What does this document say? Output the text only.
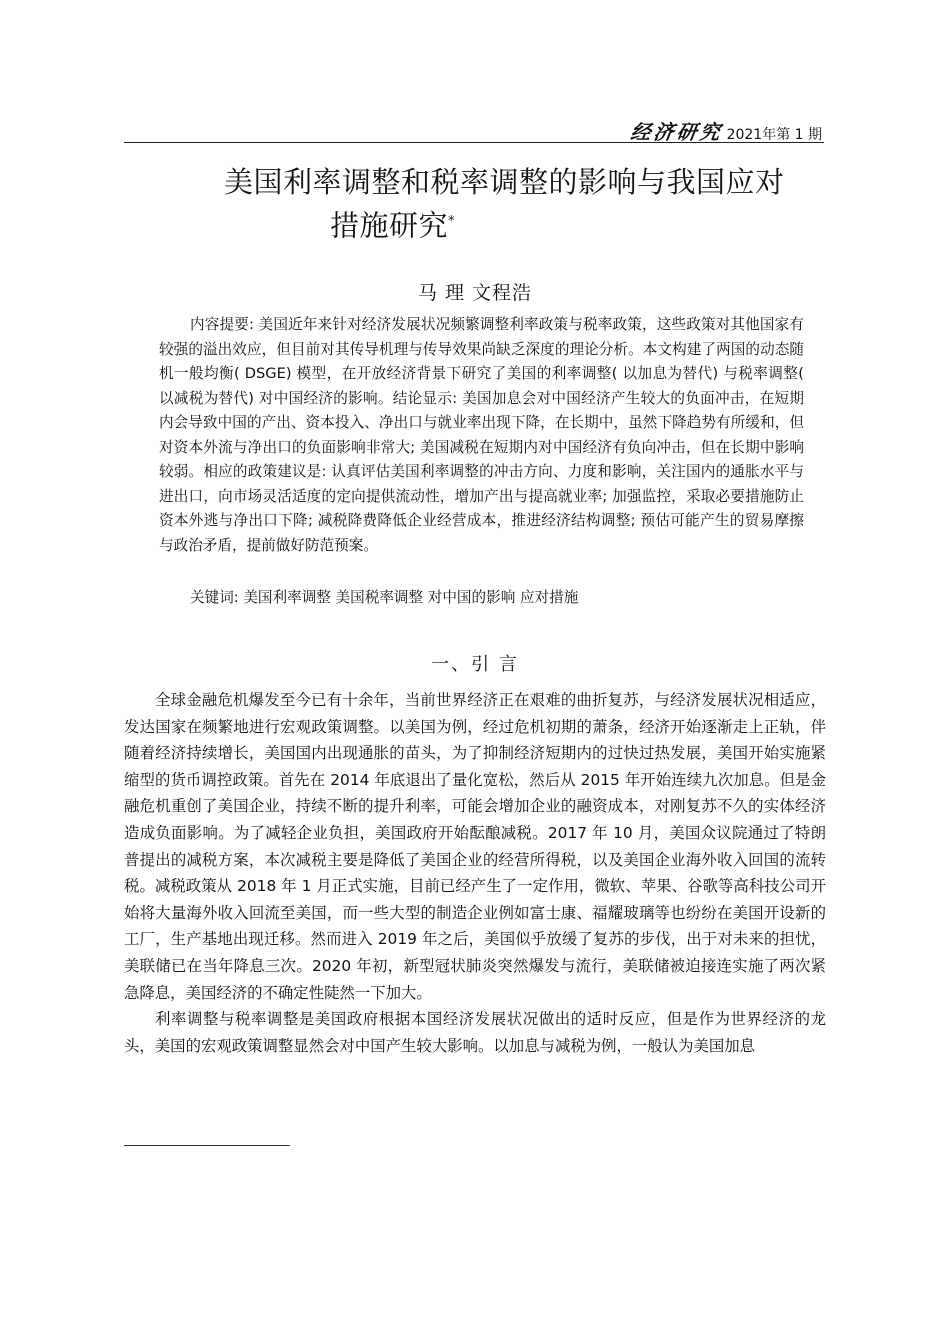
经济研究 2021年第 1 期
美国利率调整和税率调整的影响与我国应对
措施研究*
马 理 文程浩

内容提要: 美国近年来针对经济发展状况频繁调整利率政策与税率政策，这些政策对其他国家有较强的溢出效应，但目前对其传导机理与传导效果尚缺乏深度的理论分析。本文构建了两国的动态随机一般均衡( DSGE) 模型，在开放经济背景下研究了美国的利率调整( 以加息为替代) 与税率调整( 以减税为替代) 对中国经济的影响。结论显示: 美国加息会对中国经济产生较大的负面冲击，在短期内会导致中国的产出、资本投入、净出口与就业率出现下降，在长期中，虽然下降趋势有所缓和，但对资本外流与净出口的负面影响非常大; 美国减税在短期内对中国经济有负向冲击，但在长期中影响较弱。相应的政策建议是: 认真评估美国利率调整的冲击方向、力度和影响，关注国内的通胀水平与进出口，向市场灵活适度的定向提供流动性，增加产出与提高就业率; 加强监控，采取必要措施防止资本外逃与净出口下降; 减税降费降低企业经营成本，推进经济结构调整; 预估可能产生的贸易摩擦与政治矛盾，提前做好防范预案。

关键词: 美国利率调整 美国税率调整 对中国的影响 应对措施

一、引 言

全球金融危机爆发至今已有十余年，当前世界经济正在艰难的曲折复苏，与经济发展状况相适应，发达国家在频繁地进行宏观政策调整。以美国为例，经过危机初期的萧条，经济开始逐渐走上正轨，伴随着经济持续增长，美国国内出现通胀的苗头，为了抑制经济短期内的过快过热发展，美国开始实施紧缩型的货币调控政策。首先在 2014 年底退出了量化宽松，然后从 2015 年开始连续九次加息。但是金融危机重创了美国企业，持续不断的提升利率，可能会增加企业的融资成本，对刚复苏不久的实体经济造成负面影响。为了减轻企业负担，美国政府开始酝酿减税。2017 年 10 月，美国众议院通过了特朗普提出的减税方案，本次减税主要是降低了美国企业的经营所得税，以及美国企业海外收入回国的流转税。减税政策从 2018 年 1 月正式实施，目前已经产生了一定作用，微软、苹果、谷歌等高科技公司开始将大量海外收入回流至美国，而一些大型的制造企业例如富士康、福耀玻璃等也纷纷在美国开设新的工厂，生产基地出现迁移。然而进入 2019 年之后，美国似乎放缓了复苏的步伐，出于对未来的担忧，美联储已在当年降息三次。2020 年初，新型冠状肺炎突然爆发与流行，美联储被迫接连实施了两次紧急降息，美国经济的不确定性陡然一下加大。

利率调整与税率调整是美国政府根据本国经济发展状况做出的适时反应，但是作为世界经济的龙头，美国的宏观政策调整显然会对中国产生较大影响。以加息与减税为例，一般认为美国加息
